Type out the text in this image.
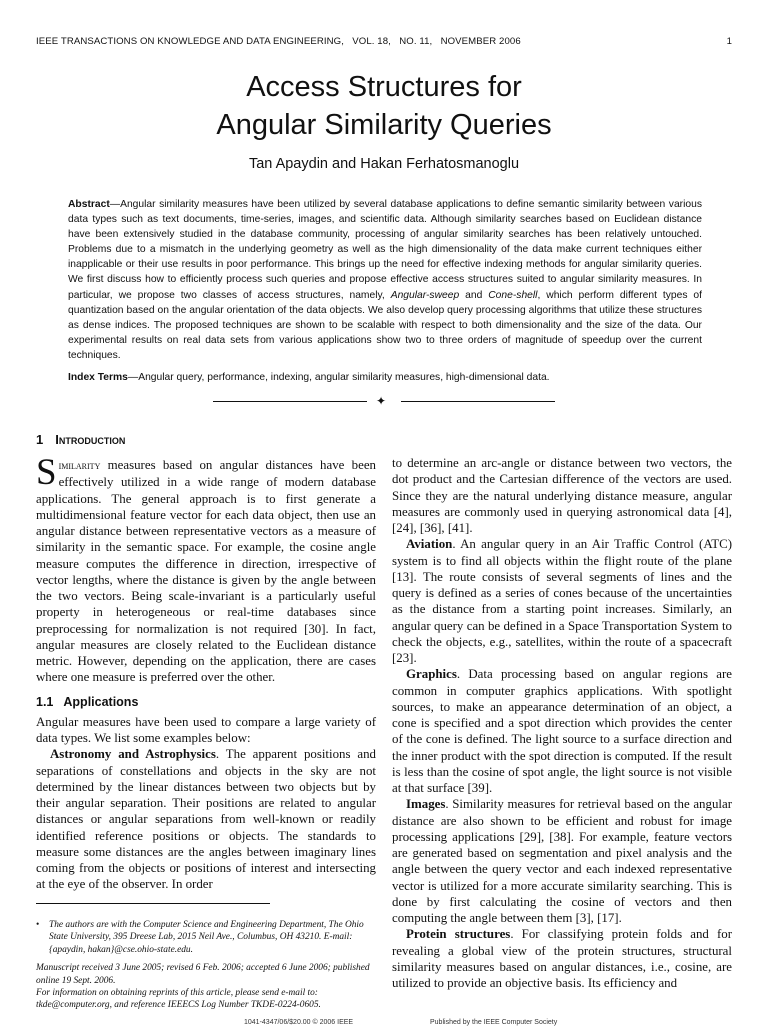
IEEE TRANSACTIONS ON KNOWLEDGE AND DATA ENGINEERING,   VOL. 18,   NO. 11,   NOVEMBER 2006	1
Access Structures for
Angular Similarity Queries
Tan Apaydin and Hakan Ferhatosmanoglu
Abstract—Angular similarity measures have been utilized by several database applications to define semantic similarity between various data types such as text documents, time-series, images, and scientific data. Although similarity searches based on Euclidean distance have been extensively studied in the database community, processing of angular similarity searches has been relatively untouched. Problems due to a mismatch in the underlying geometry as well as the high dimensionality of the data make current techniques either inapplicable or their use results in poor performance. This brings up the need for effective indexing methods for angular similarity queries. We first discuss how to efficiently process such queries and propose effective access structures suited to angular similarity measures. In particular, we propose two classes of access structures, namely, Angular-sweep and Cone-shell, which perform different types of quantization based on the angular orientation of the data objects. We also develop query processing algorithms that utilize these structures as dense indices. The proposed techniques are shown to be scalable with respect to both dimensionality and the size of the data. Our experimental results on real data sets from various applications show two to three orders of magnitude of speedup over the current techniques.
Index Terms—Angular query, performance, indexing, angular similarity measures, high-dimensional data.
✦
1 Introduction

Similarity measures based on angular distances have been effectively utilized in a wide range of modern database applications. The general approach is to first generate a multidimensional feature vector for each data object, then use an angular distance between representative vectors as a measure of similarity in the semantic space. For example, the cosine angle measure computes the difference in direction, irrespective of vector lengths, where the distance is given by the angle between the two vectors. Being scale-invariant is a particularly useful property in heterogeneous or real-time databases since preprocessing for normalization is not required [30]. In fact, angular measures are closely related to the Euclidean distance metric. However, depending on the application, there are cases where one measure is preferred over the other.

1.1 Applications

Angular measures have been used to compare a large variety of data types. We list some examples below:

Astronomy and Astrophysics. The apparent positions and separations of constellations and objects in the sky are not determined by the linear distances between two objects but by their angular separation. Their positions are related to angular distances or angular separations from well-known or readily identified reference positions or objects. The standards to measure some distances are the angles between imaginary lines coming from the objects or positions of interest and intersecting at the eye of the observer. In order

to determine an arc-angle or distance between two vectors, the dot product and the Cartesian difference of the vectors are used. Since they are the natural underlying distance measure, angular measures are commonly used in querying astronomical data [4], [24], [36], [41].

Aviation. An angular query in an Air Traffic Control (ATC) system is to find all objects within the flight route of the plane [13]. The route consists of several segments of lines and the query is defined as a series of cones because of the uncertainties as the distance from a starting point increases. Similarly, an angular query can be defined in a Space Transportation System to check the objects, e.g., satellites, within the route of a spacecraft [23].

Graphics. Data processing based on angular regions are common in computer graphics applications. With spotlight sources, to make an appearance determination of an object, a cone is specified and a spot direction which provides the center of the cone is defined. The light source to a surface direction and the inner product with the spot direction is computed. If the result is less than the cosine of spot angle, the light source is not visible at that surface [39].

Images. Similarity measures for retrieval based on the angular distance are also shown to be efficient and robust for image processing applications [29], [38]. For example, feature vectors are generated based on segmentation and pixel analysis and the angle between the query vector and each indexed representative vector is utilized for a more accurate similarity searching. This is done by first calculating the cosine of vectors and then computing the angle between them [3], [17].

Protein structures. For classifying protein folds and for revealing a global view of the protein structures, structural similarity measures based on angular distances, i.e., cosine, are utilized to provide an objective basis. Its efficiency and

• The authors are with the Computer Science and Engineering Department, The Ohio State University, 395 Dreese Lab, 2015 Neil Ave., Columbus, OH 43210. E-mail: {apaydin, hakan}@cse.ohio-state.edu.
Manuscript received 3 June 2005; revised 6 Feb. 2006; accepted 6 June 2006; published online 19 Sept. 2006.
For information on obtaining reprints of this article, please send e-mail to: tkde@computer.org, and reference IEEECS Log Number TKDE-0224-0605.
1041-4347/06/$20.00 © 2006 IEEE	Published by the IEEE Computer Society
